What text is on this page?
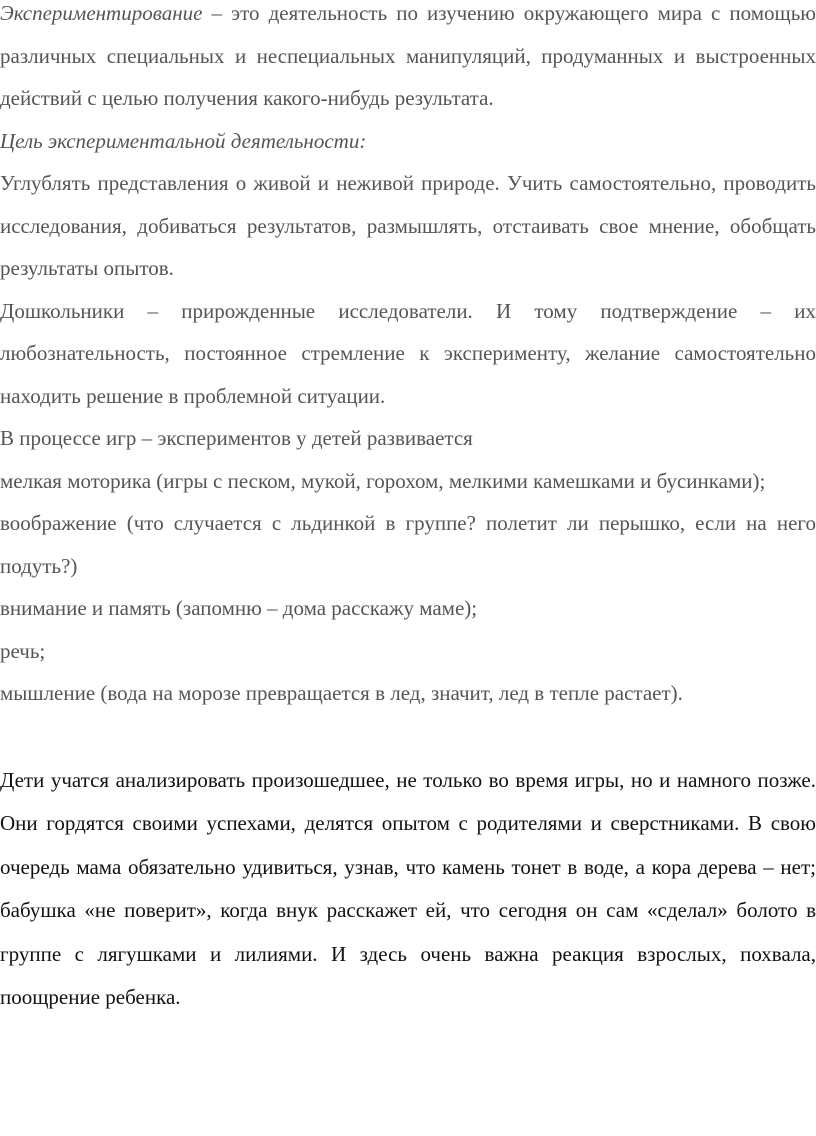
Экспериментирование – это деятельность по изучению окружающего мира с помощью различных специальных и неспециальных манипуляций, продуманных и выстроенных действий с целью получения какого-нибудь результата.

Цель экспериментальной деятельности:

Углублять представления о живой и неживой природе. Учить самостоятельно, проводить исследования, добиваться результатов, размышлять, отстаивать свое мнение, обобщать результаты опытов.

Дошкольники – прирожденные исследователи. И тому подтверждение – их любознательность, постоянное стремление к эксперименту, желание самостоятельно находить решение в проблемной ситуации.

В процессе игр – экспериментов у детей развивается

мелкая моторика (игры с песком, мукой, горохом, мелкими камешками и бусинками);

воображение (что случается с льдинкой в группе? полетит ли перышко, если на него подуть?)

внимание и память (запомню – дома расскажу маме);

речь;

мышление (вода на морозе превращается в лед, значит, лед в тепле растает).

Дети учатся анализировать произошедшее, не только во время игры, но и намного позже. Они гордятся своими успехами, делятся опытом с родителями и сверстниками. В свою очередь мама обязательно удивиться, узнав, что камень тонет в воде, а кора дерева – нет; бабушка «не поверит», когда внук расскажет ей, что сегодня он сам «сделал» болото в группе с лягушками и лилиями. И здесь очень важна реакция взрослых, похвала, поощрение ребенка.
